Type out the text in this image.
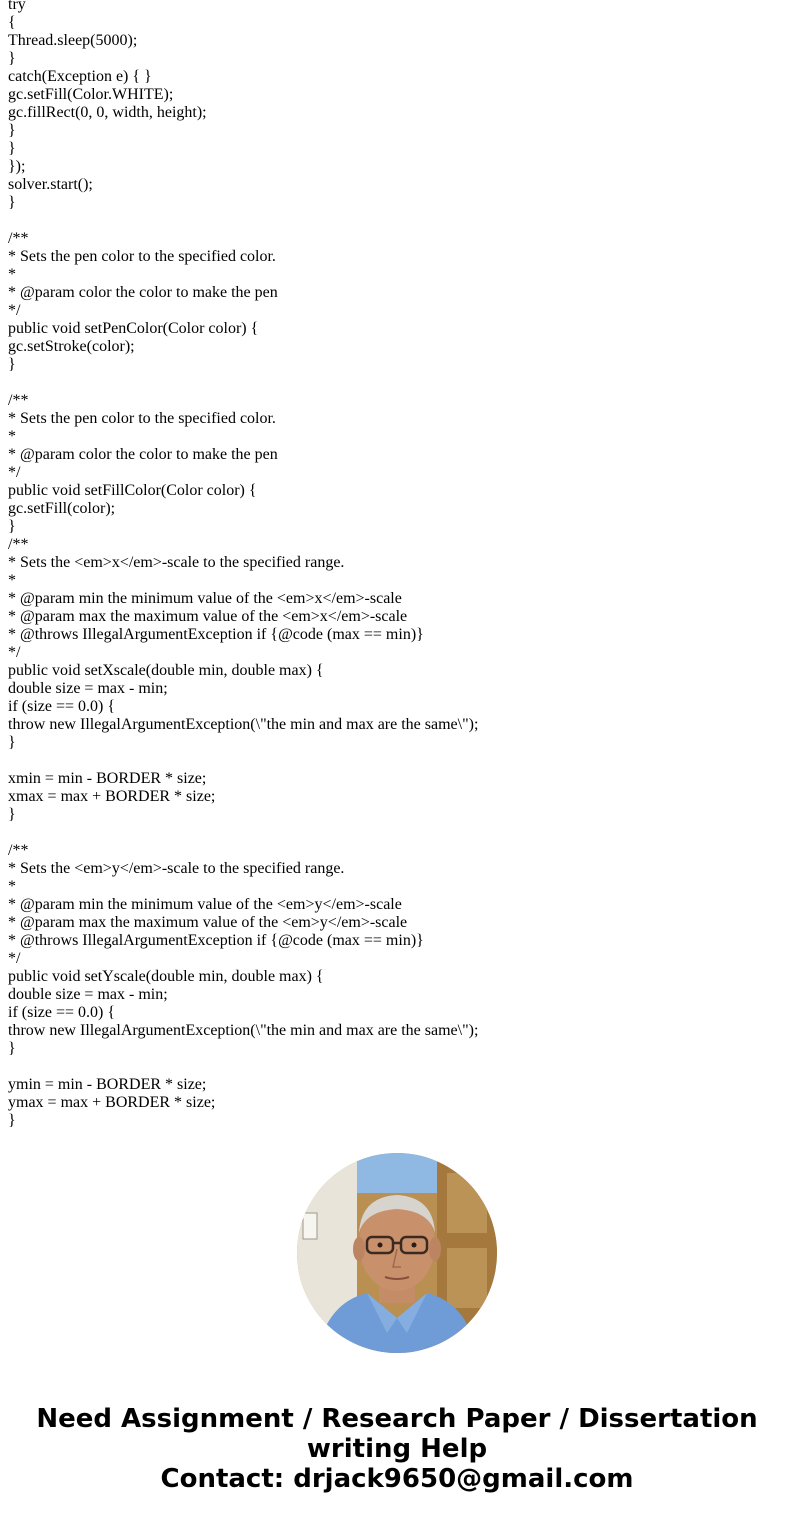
try
{
Thread.sleep(5000);
}
catch(Exception e) { }
gc.setFill(Color.WHITE);
gc.fillRect(0, 0, width, height);
}
}
});
solver.start();
}
/**
* Sets the pen color to the specified color.
*
* @param color the color to make the pen
*/
public void setPenColor(Color color) {
gc.setStroke(color);
}
/**
* Sets the pen color to the specified color.
*
* @param color the color to make the pen
*/
public void setFillColor(Color color) {
gc.setFill(color);
}
/**
* Sets the <em>x</em>-scale to the specified range.
*
* @param min the minimum value of the <em>x</em>-scale
* @param max the maximum value of the <em>x</em>-scale
* @throws IllegalArgumentException if {@code (max == min)}
*/
public void setXscale(double min, double max) {
double size = max - min;
if (size == 0.0) {
throw new IllegalArgumentException(\"the min and max are the same\");
}
xmin = min - BORDER * size;
xmax = max + BORDER * size;
}
/**
* Sets the <em>y</em>-scale to the specified range.
*
* @param min the minimum value of the <em>y</em>-scale
* @param max the maximum value of the <em>y</em>-scale
* @throws IllegalArgumentException if {@code (max == min)}
*/
public void setYscale(double min, double max) {
double size = max - min;
if (size == 0.0) {
throw new IllegalArgumentException(\"the min and max are the same\");
}
ymin = min - BORDER * size;
ymax = max + BORDER * size;
}
Need Assignment / Research Paper / Dissertation
writing Help
Contact: drjack9650@gmail.com
